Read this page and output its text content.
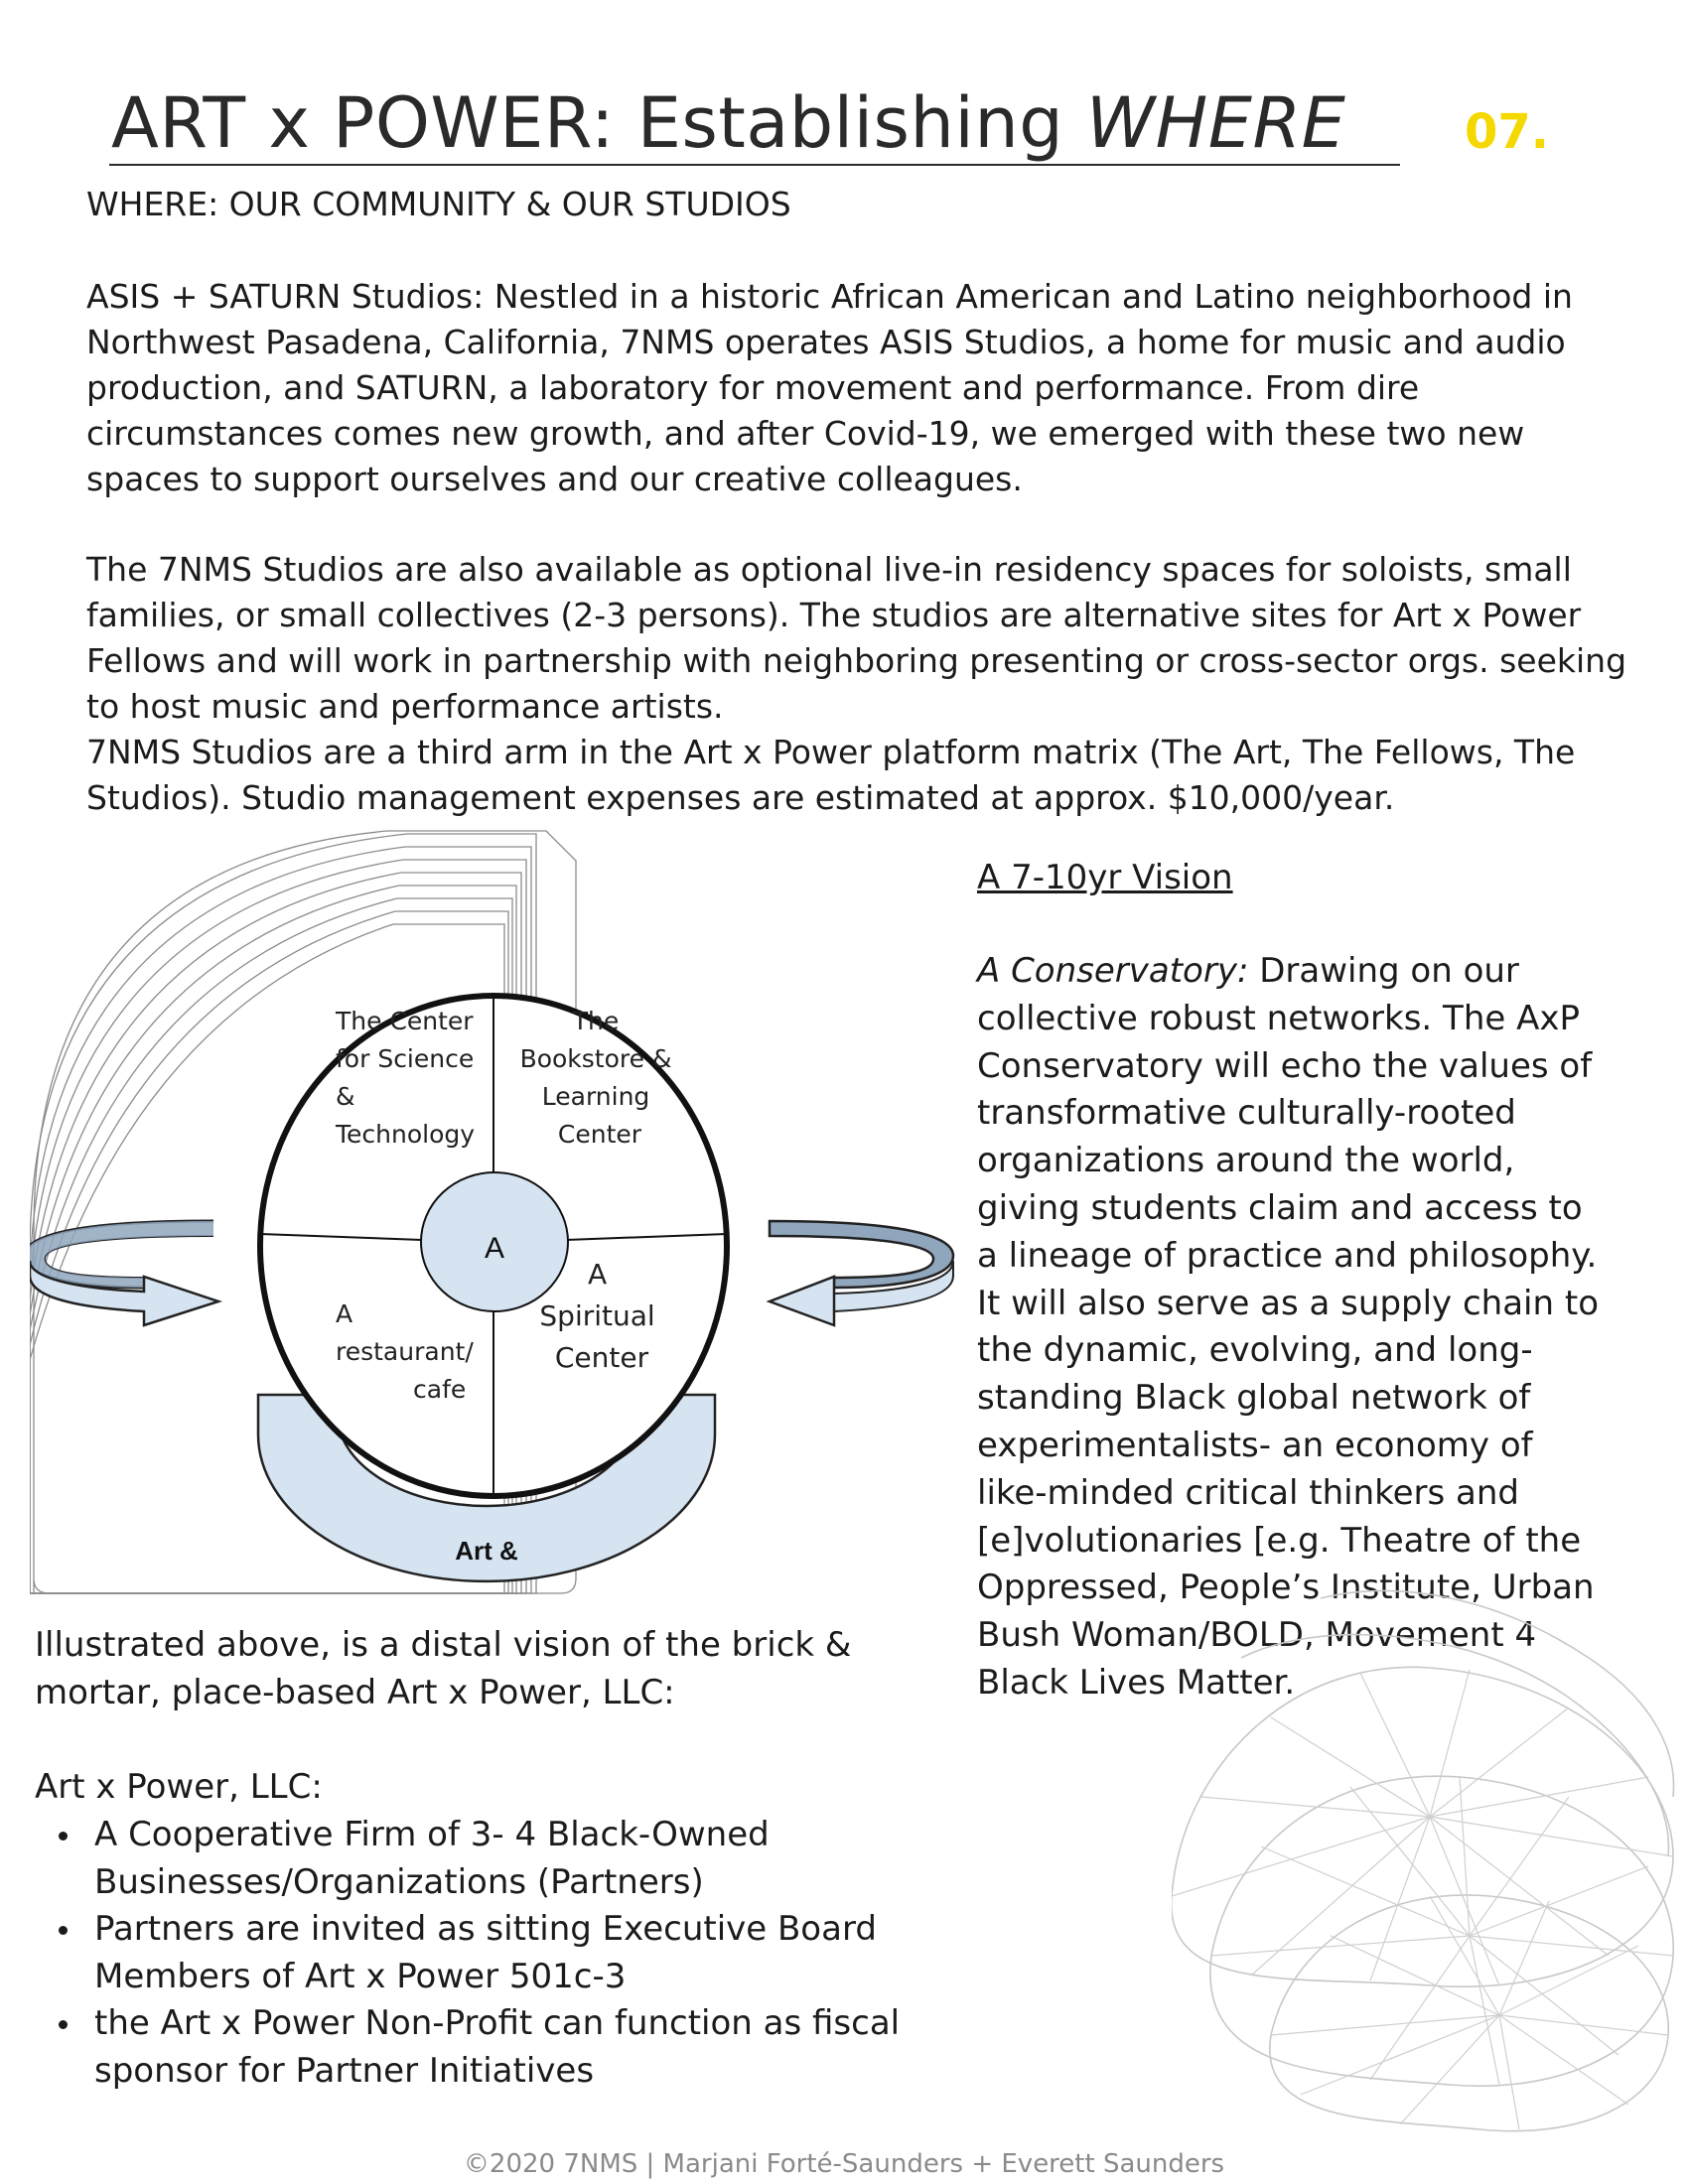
ART x POWER: Establishing WHERE	07.
WHERE: OUR COMMUNITY & OUR STUDIOS
ASIS + SATURN Studios: Nestled in a historic African American and Latino neighborhood in Northwest Pasadena, California, 7NMS operates ASIS Studios, a home for music and audio production, and SATURN, a laboratory for movement and performance. From dire circumstances comes new growth, and after Covid-19, we emerged with these two new spaces to support ourselves and our creative colleagues.
The 7NMS Studios are also available as optional live-in residency spaces for soloists, small families, or small collectives (2-3 persons). The studios are alternative sites for Art x Power Fellows and will work in partnership with neighboring presenting or cross-sector orgs. seeking to host music and performance artists.
7NMS Studios are a third arm in the Art x Power platform matrix (The Art, The Fellows, The Studios). Studio management expenses are estimated at approx. $10,000/year.
Art &
A
The Center for Science & Technology
The Bookstore & Learning Center
A restaurant/ cafe
A Spiritual Center
A 7-10yr Vision
A Conservatory: Drawing on our collective robust networks. The AxP Conservatory will echo the values of transformative culturally-rooted organizations around the world, giving students claim and access to a lineage of practice and philosophy. It will also serve as a supply chain to the dynamic, evolving, and long-standing Black global network of experimentalists- an economy of like-minded critical thinkers and [e]volutionaries [e.g. Theatre of the Oppressed, People’s Institute, Urban Bush Woman/BOLD, Movement 4 Black Lives Matter.
Illustrated above, is a distal vision of the brick & mortar, place-based Art x Power, LLC:
Art x Power, LLC:
A Cooperative Firm of 3- 4 Black-Owned Businesses/Organizations (Partners)
Partners are invited as sitting Executive Board Members of Art x Power 501c-3
the Art x Power Non-Profit can function as fiscal sponsor for Partner Initiatives
©2020 7NMS | Marjani Forté-Saunders + Everett Saunders
